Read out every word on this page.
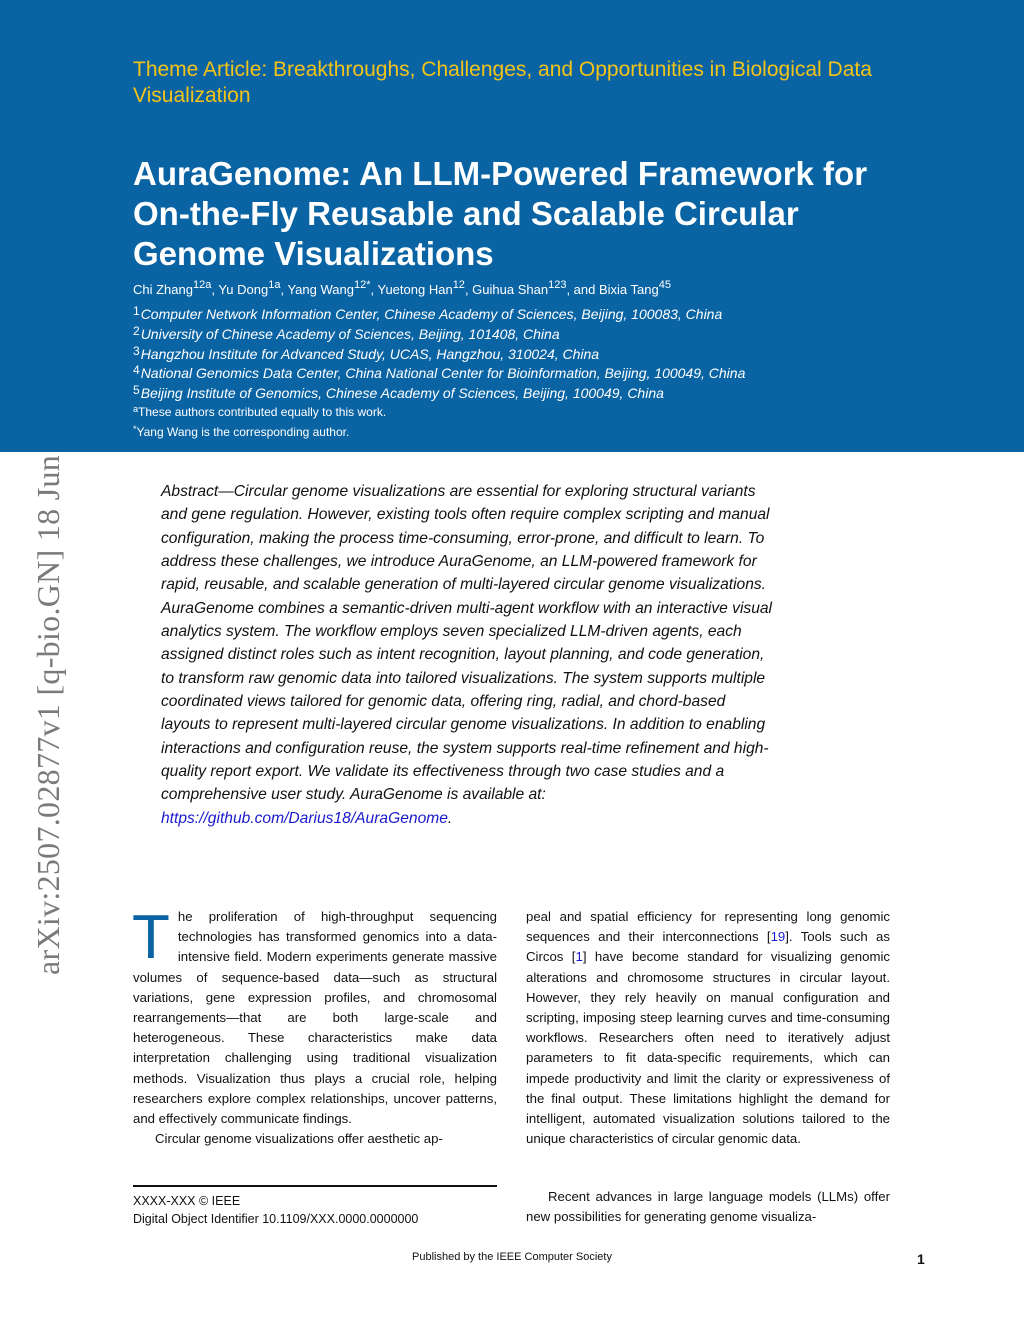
Theme Article: Breakthroughs, Challenges, and Opportunities in Biological Data Visualization
AuraGenome: An LLM-Powered Framework for On-the-Fly Reusable and Scalable Circular Genome Visualizations
Chi Zhang$^{12a}$, Yu Dong$^{1a}$, Yang Wang$^{12*}$, Yuetong Han$^{12}$, Guihua Shan$^{123}$, and Bixia Tang$^{45}$
1Computer Network Information Center, Chinese Academy of Sciences, Beijing, 100083, China
2University of Chinese Academy of Sciences, Beijing, 101408, China
3Hangzhou Institute for Advanced Study, UCAS, Hangzhou, 310024, China
4National Genomics Data Center, China National Center for Bioinformation, Beijing, 100049, China
5Beijing Institute of Genomics, Chinese Academy of Sciences, Beijing, 100049, China
$^a$These authors contributed equally to this work.
*Yang Wang is the corresponding author.
arXiv:2507.02877v1 [q-bio.GN] 18 Jun	Abstract—Circular genome visualizations are essential for exploring structural variants and gene regulation. However, existing tools often require complex scripting and manual configuration, making the process time-consuming, error-prone, and difficult to learn. To address these challenges, we introduce AuraGenome, an LLM-powered framework for rapid, reusable, and scalable generation of multi-layered circular genome visualizations. AuraGenome combines a semantic-driven multi-agent workflow with an interactive visual analytics system. The workflow employs seven specialized LLM-driven agents, each assigned distinct roles such as intent recognition, layout planning, and code generation, to transform raw genomic data into tailored visualizations. The system supports multiple coordinated views tailored for genomic data, offering ring, radial, and chord-based layouts to represent multi-layered circular genome visualizations. In addition to enabling interactions and configuration reuse, the system supports real-time refinement and high-quality report export. We validate its effectiveness through two case studies and a comprehensive user study. AuraGenome is available at: https://github.com/Darius18/AuraGenome.

The proliferation of high-throughput sequencing technologies has transformed genomics into a data-intensive field. Modern experiments generate massive volumes of sequence-based data—such as structural variations, gene expression profiles, and chromosomal rearrangements—that are both large-scale and heterogeneous. These characteristics make data interpretation challenging using traditional visualization methods. Visualization thus plays a crucial role, helping researchers explore complex relationships, uncover patterns, and effectively communicate findings.

Circular genome visualizations offer aesthetic ap-

peal and spatial efficiency for representing long genomic sequences and their interconnections [19]. Tools such as Circos [1] have become standard for visualizing genomic alterations and chromosome structures in circular layout. However, they rely heavily on manual configuration and scripting, imposing steep learning curves and time-consuming workflows. Researchers often need to iteratively adjust parameters to fit data-specific requirements, which can impede productivity and limit the clarity or expressiveness of the final output. These limitations highlight the demand for intelligent, automated visualization solutions tailored to the unique characteristics of circular genomic data.

XXXX-XXX © IEEE
Digital Object Identifier 10.1109/XXX.0000.0000000

Recent advances in large language models (LLMs) offer new possibilities for generating genome visualiza-

Published by the IEEE Computer Society	1
